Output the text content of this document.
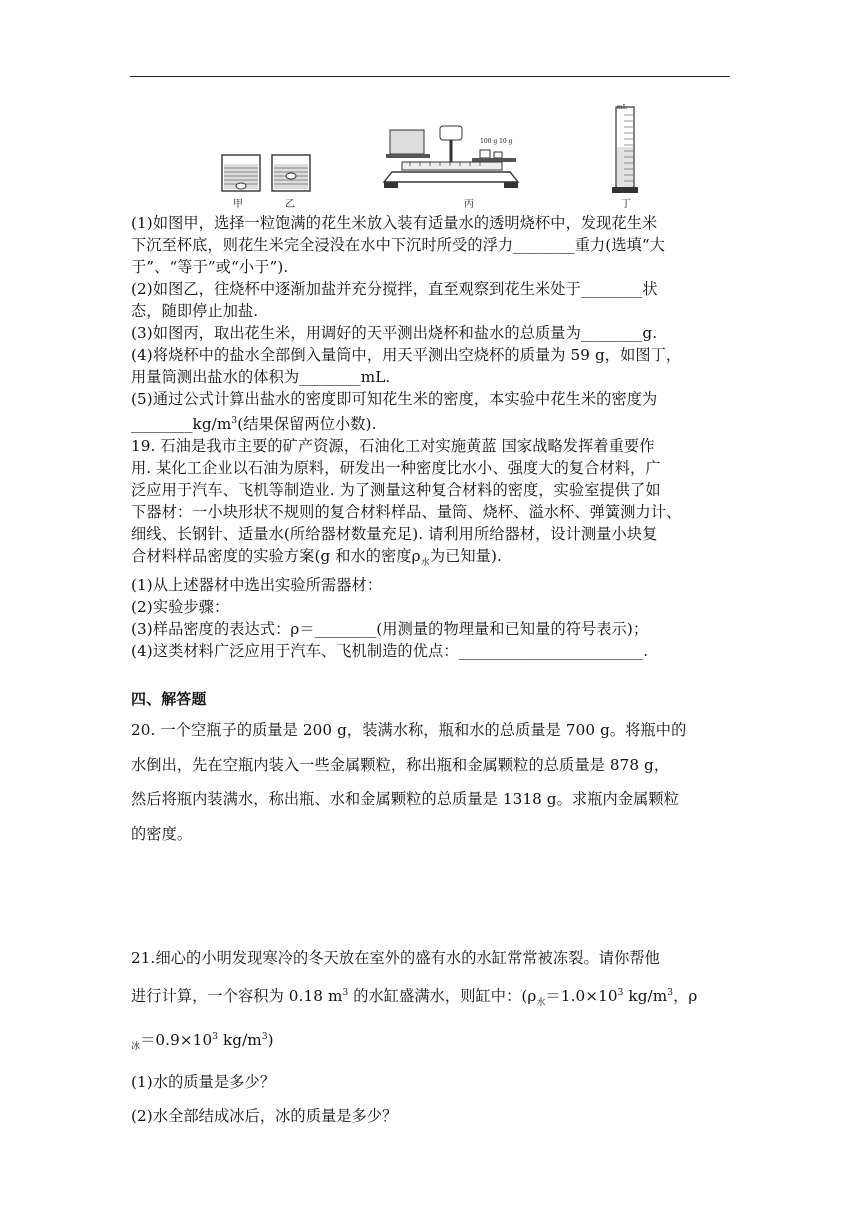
甲	乙
100 g 10 g
丙
mL
丁

(1)如图甲，选择一粒饱满的花生米放入装有适量水的透明烧杯中，发现花生米

下沉至杯底，则花生米完全浸没在水中下沉时所受的浮力________重力(选填“大

于”、“等于”或“小于”).

(2)如图乙，往烧杯中逐渐加盐并充分搅拌，直至观察到花生米处于________状

态，随即停止加盐.

(3)如图丙，取出花生米，用调好的天平测出烧杯和盐水的总质量为________g.

(4)将烧杯中的盐水全部倒入量筒中，用天平测出空烧杯的质量为 59 g，如图丁，

用量筒测出盐水的体积为________mL.

(5)通过公式计算出盐水的密度即可知花生米的密度，本实验中花生米的密度为

$\_\_\_\_\_\_\_\_kg/m^3$(结果保留两位小数).

19. 石油是我市主要的矿产资源，石油化工对实施黄蓝 国家战略发挥着重要作

用. 某化工企业以石油为原料，研发出一种密度比水小、强度大的复合材料，广

泛应用于汽车、飞机等制造业. 为了测量这种复合材料的密度，实验室提供了如

下器材：一小块形状不规则的复合材料样品、量筒、烧杯、溢水杯、弹簧测力计、

细线、长钢针、适量水(所给器材数量充足). 请利用所给器材，设计测量小块复

合材料样品密度的实验方案(g 和水的密度$\rho_水$为已知量).

(1)从上述器材中选出实验所需器材：

(2)实验步骤：

(3)样品密度的表达式：ρ＝________(用测量的物理量和已知量的符号表示)；

(4)这类材料广泛应用于汽车、飞机制造的优点：________________________.

四、解答题

20. 一个空瓶子的质量是 200 g，装满水称，瓶和水的总质量是 700 g。将瓶中的

水倒出，先在空瓶内装入一些金属颗粒，称出瓶和金属颗粒的总质量是 878 g，

然后将瓶内装满水，称出瓶、水和金属颗粒的总质量是 1318 g。求瓶内金属颗粒

的密度。

21.细心的小明发现寒冷的冬天放在室外的盛有水的水缸常常被冻裂。请你帮他

进行计算，一个容积为 0.18 $m^3$ 的水缸盛满水，则缸中：($\rho_水=1.0\times 10^3$ $kg/m^3$，ρ

$_冰=0.9\times 10^3$ $kg/m^3$)

(1)水的质量是多少？

(2)水全部结成冰后，冰的质量是多少？
